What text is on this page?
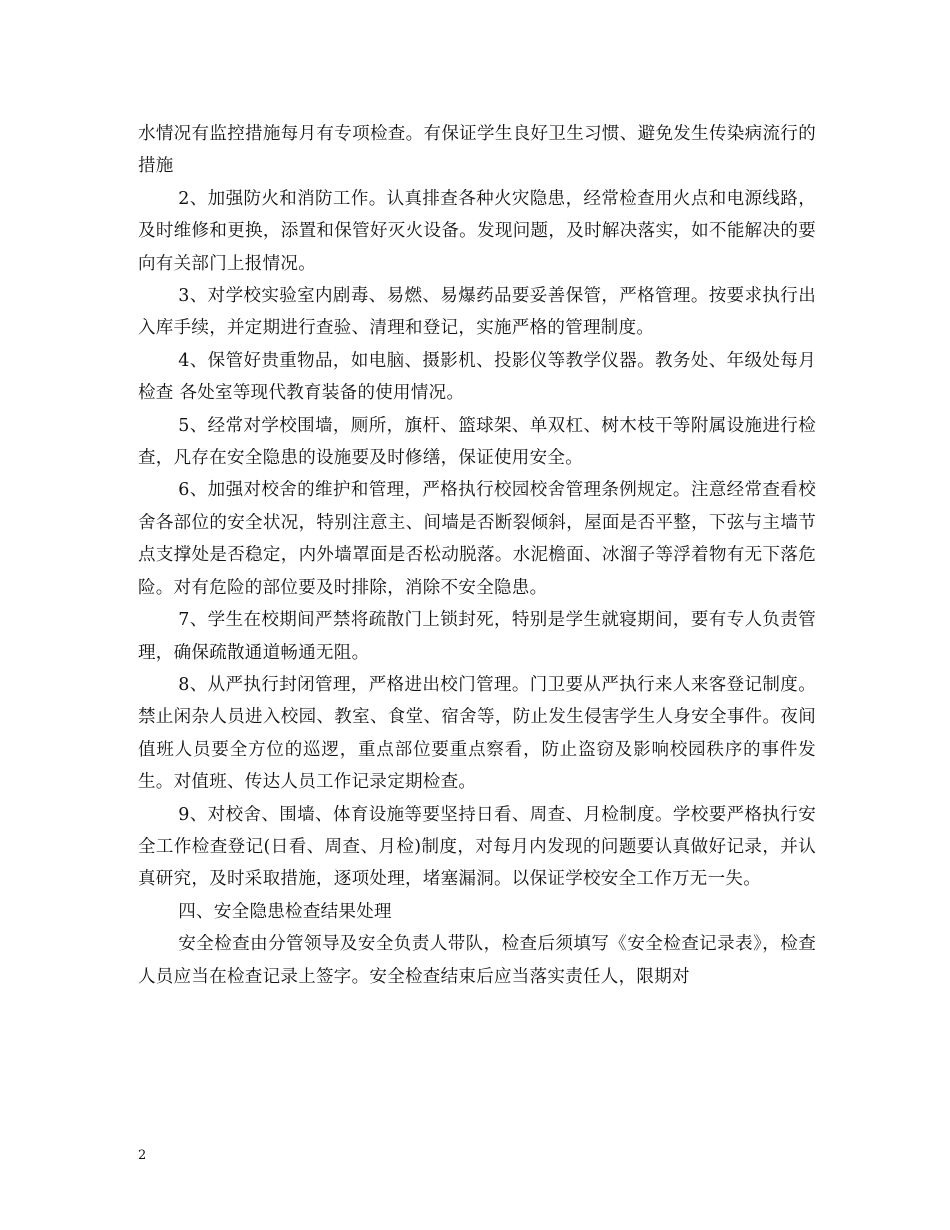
水情况有监控措施每月有专项检查。有保证学生良好卫生习惯、避免发生传染病流行的措施

2、加强防火和消防工作。认真排查各种火灾隐患，经常检查用火点和电源线路，及时维修和更换，添置和保管好灭火设备。发现问题，及时解决落实，如不能解决的要向有关部门上报情况。

3、对学校实验室内剧毒、易燃、易爆药品要妥善保管，严格管理。按要求执行出入库手续，并定期进行查验、清理和登记，实施严格的管理制度。

4、保管好贵重物品，如电脑、摄影机、投影仪等教学仪器。教务处、年级处每月检查 各处室等现代教育装备的使用情况。

5、经常对学校围墙，厕所，旗杆、篮球架、单双杠、树木枝干等附属设施进行检查，凡存在安全隐患的设施要及时修缮，保证使用安全。

6、加强对校舍的维护和管理，严格执行校园校舍管理条例规定。注意经常查看校舍各部位的安全状况，特别注意主、间墙是否断裂倾斜，屋面是否平整，下弦与主墙节点支撑处是否稳定，内外墙罩面是否松动脱落。水泥檐面、冰溜子等浮着物有无下落危险。对有危险的部位要及时排除，消除不安全隐患。

7、学生在校期间严禁将疏散门上锁封死，特别是学生就寝期间，要有专人负责管理，确保疏散通道畅通无阻。

8、从严执行封闭管理，严格进出校门管理。门卫要从严执行来人来客登记制度。禁止闲杂人员进入校园、教室、食堂、宿舍等，防止发生侵害学生人身安全事件。夜间值班人员要全方位的巡逻，重点部位要重点察看，防止盗窃及影响校园秩序的事件发生。对值班、传达人员工作记录定期检查。

9、对校舍、围墙、体育设施等要坚持日看、周查、月检制度。学校要严格执行安全工作检查登记(日看、周查、月检)制度，对每月内发现的问题要认真做好记录，并认真研究，及时采取措施，逐项处理，堵塞漏洞。以保证学校安全工作万无一失。

四、安全隐患检查结果处理

安全检查由分管领导及安全负责人带队，检查后须填写《安全检查记录表》，检查人员应当在检查记录上签字。安全检查结束后应当落实责任人，限期对

2
